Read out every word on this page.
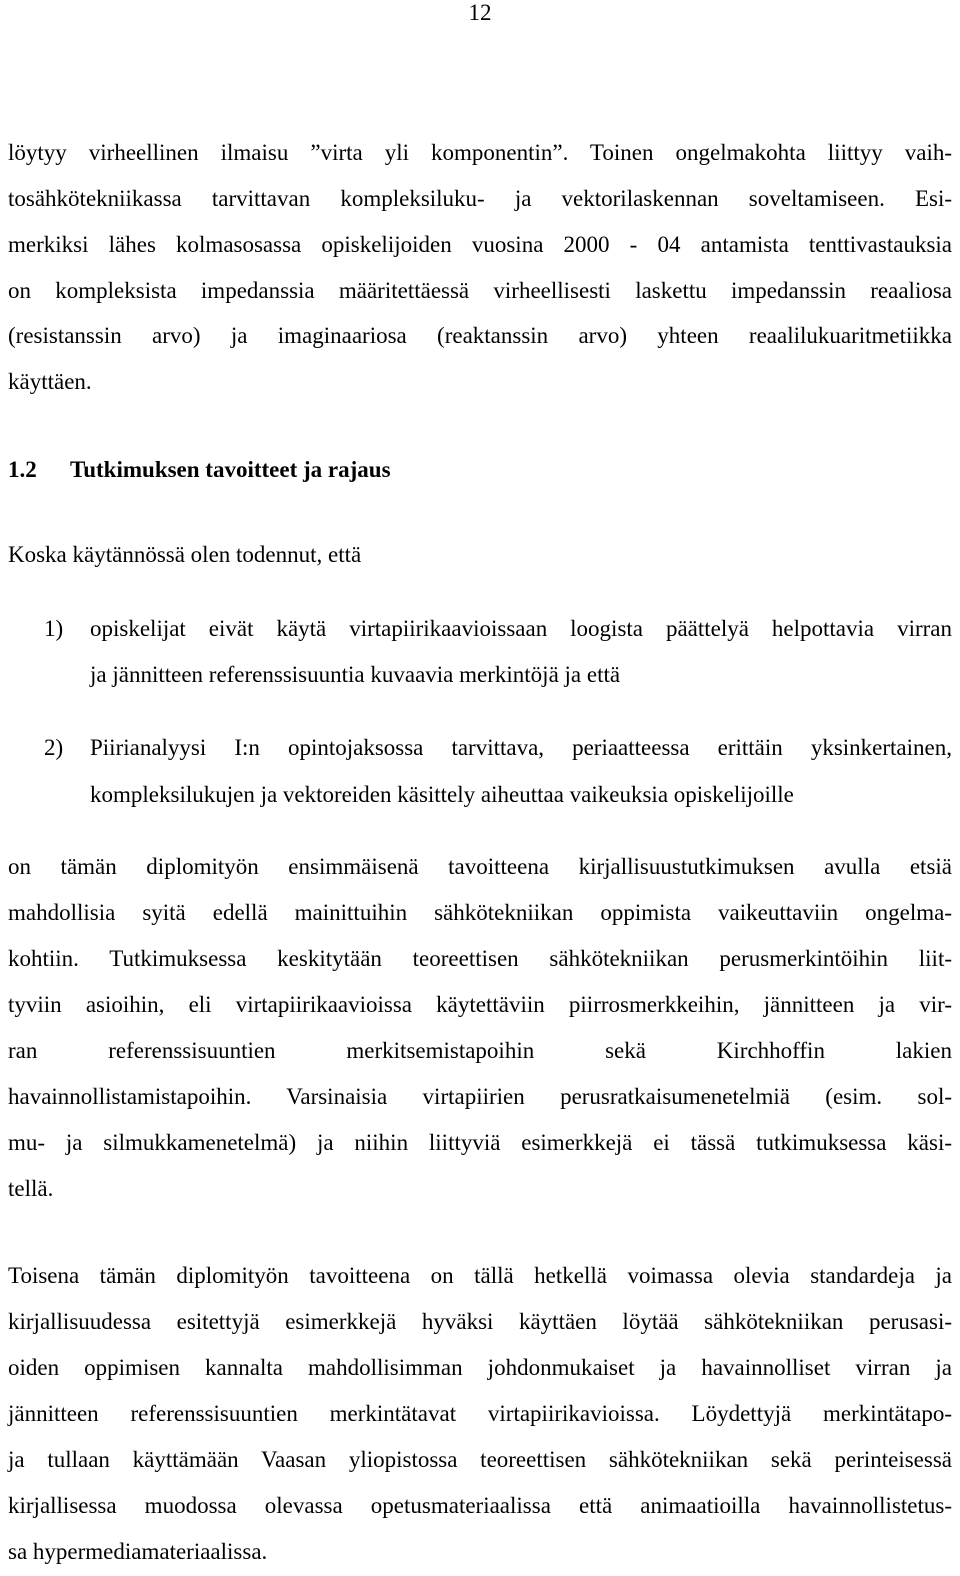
12
löytyy virheellinen ilmaisu ”virta yli komponentin”. Toinen ongelmakohta liittyy vaih-
tosähkötekniikassa tarvittavan kompleksiluku- ja vektorilaskennan soveltamiseen. Esi-
merkiksi lähes kolmasosassa opiskelijoiden vuosina 2000 - 04 antamista tenttivastauksia
on kompleksista impedanssia määritettäessä virheellisesti laskettu impedanssin reaaliosa
(resistanssin arvo) ja imaginaariosa (reaktanssin arvo) yhteen reaalilukuaritmetiikka
käyttäen.
1.2 Tutkimuksen tavoitteet ja rajaus
Koska käytännössä olen todennut, että
1) opiskelijat eivät käytä virtapiirikaavioissaan loogista päättelyä helpottavia virran
ja jännitteen referenssisuuntia kuvaavia merkintöjä ja että
2) Piirianalyysi I:n opintojaksossa tarvittava, periaatteessa erittäin yksinkertainen,
kompleksilukujen ja vektoreiden käsittely aiheuttaa vaikeuksia opiskelijoille
on tämän diplomityön ensimmäisenä tavoitteena kirjallisuustutkimuksen avulla etsiä
mahdollisia syitä edellä mainittuihin sähkötekniikan oppimista vaikeuttaviin ongelma-
kohtiin. Tutkimuksessa keskitytään teoreettisen sähkötekniikan perusmerkintöihin liit-
tyviin asioihin, eli virtapiirikaavioissa käytettäviin piirrosmerkkeihin, jännitteen ja vir-
ran	referenssisuuntien	merkitsemistapoihin	sekä	Kirchhoffin	lakien
havainnollistamistapoihin. Varsinaisia virtapiirien perusratkaisumenetelmiä (esim. sol-
mu- ja silmukkamenetelmä) ja niihin liittyviä esimerkkejä ei tässä tutkimuksessa käsi-
tellä.
Toisena tämän diplomityön tavoitteena on tällä hetkellä voimassa olevia standardeja ja
kirjallisuudessa esitettyjä esimerkkejä hyväksi käyttäen löytää sähkötekniikan perusasi-
oiden oppimisen kannalta mahdollisimman johdonmukaiset ja havainnolliset virran ja
jännitteen referenssisuuntien merkintätavat virtapiirikavioissa. Löydettyjä merkintätapo-
ja tullaan käyttämään Vaasan yliopistossa teoreettisen sähkötekniikan sekä perinteisessä
kirjallisessa muodossa olevassa opetusmateriaalissa että animaatioilla havainnollistetus-
sa hypermediamateriaalissa.
